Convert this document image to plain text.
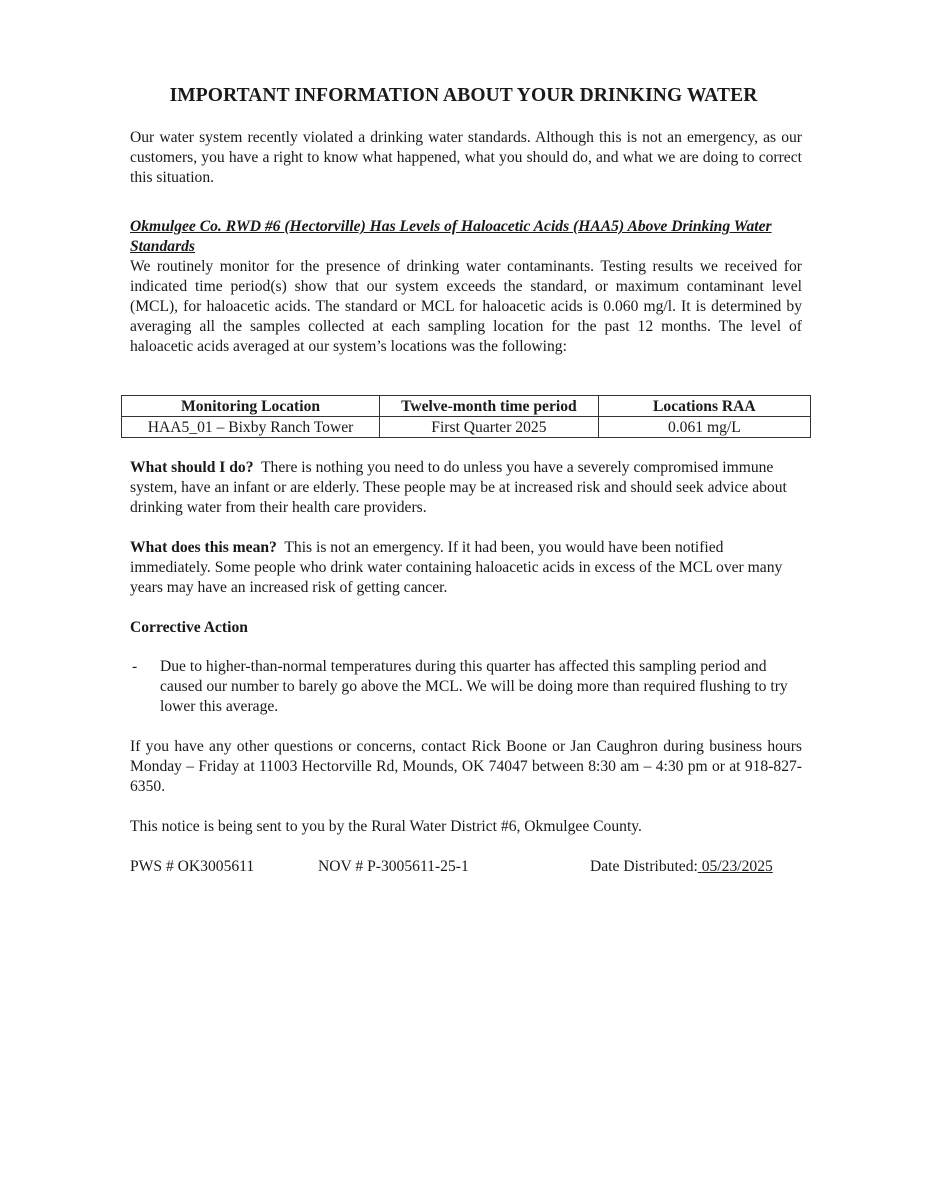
IMPORTANT INFORMATION ABOUT YOUR DRINKING WATER
Our water system recently violated a drinking water standards. Although this is not an emergency, as our customers, you have a right to know what happened, what you should do, and what we are doing to correct this situation.
Okmulgee Co. RWD #6 (Hectorville) Has Levels of Haloacetic Acids (HAA5) Above Drinking Water Standards
We routinely monitor for the presence of drinking water contaminants. Testing results we received for indicated time period(s) show that our system exceeds the standard, or maximum contaminant level (MCL), for haloacetic acids. The standard or MCL for haloacetic acids is 0.060 mg/l. It is determined by averaging all the samples collected at each sampling location for the past 12 months. The level of haloacetic acids averaged at our system’s locations was the following:
Monitoring Location	Twelve-month time period	Locations RAA
HAA5_01 – Bixby Ranch Tower	First Quarter 2025	0.061 mg/L
What should I do? There is nothing you need to do unless you have a severely compromised immune system, have an infant or are elderly. These people may be at increased risk and should seek advice about drinking water from their health care providers.
What does this mean? This is not an emergency. If it had been, you would have been notified immediately. Some people who drink water containing haloacetic acids in excess of the MCL over many years may have an increased risk of getting cancer.
Corrective Action
- Due to higher-than-normal temperatures during this quarter has affected this sampling period and caused our number to barely go above the MCL. We will be doing more than required flushing to try lower this average.
If you have any other questions or concerns, contact Rick Boone or Jan Caughron during business hours Monday – Friday at 11003 Hectorville Rd, Mounds, OK 74047 between 8:30 am – 4:30 pm or at 918-827-6350.
This notice is being sent to you by the Rural Water District #6, Okmulgee County.
PWS # OK3005611	NOV # P-3005611-25-1	Date Distributed: 05/23/2025
